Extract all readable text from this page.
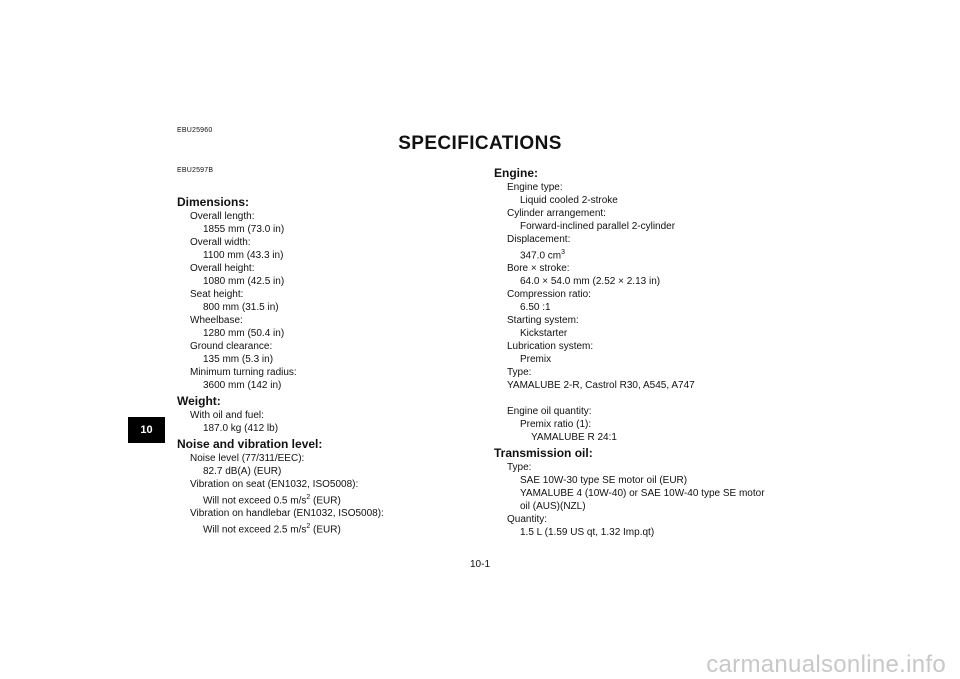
EBU25960
SPECIFICATIONS
EBU2597B
10
Dimensions:
Overall length:
1855 mm (73.0 in)
Overall width:
1100 mm (43.3 in)
Overall height:
1080 mm (42.5 in)
Seat height:
800 mm (31.5 in)
Wheelbase:
1280 mm (50.4 in)
Ground clearance:
135 mm (5.3 in)
Minimum turning radius:
3600 mm (142 in)
Weight:
With oil and fuel:
187.0 kg (412 lb)
Noise and vibration level:
Noise level (77/311/EEC):
82.7 dB(A) (EUR)
Vibration on seat (EN1032, ISO5008):
Will not exceed 0.5 $m/s^2$ (EUR)
Vibration on handlebar (EN1032, ISO5008):
Will not exceed 2.5 $m/s^2$ (EUR)
Engine:
Engine type:
Liquid cooled 2-stroke
Cylinder arrangement:
Forward-inclined parallel 2-cylinder
Displacement:
347.0 $cm^3$
Bore × stroke:
64.0 × 54.0 mm (2.52 × 2.13 in)
Compression ratio:
6.50 :1
Starting system:
Kickstarter
Lubrication system:
Premix
Type:
YAMALUBE 2-R, Castrol R30, A545, A747
Engine oil quantity:
Premix ratio (1):
YAMALUBE R 24:1
Transmission oil:
Type:
SAE 10W-30 type SE motor oil (EUR)
YAMALUBE 4 (10W-40) or SAE 10W-40 type SE motor
oil (AUS)(NZL)
Quantity:
1.5 L (1.59 US qt, 1.32 Imp.qt)
10-1
carmanualsonline.info
